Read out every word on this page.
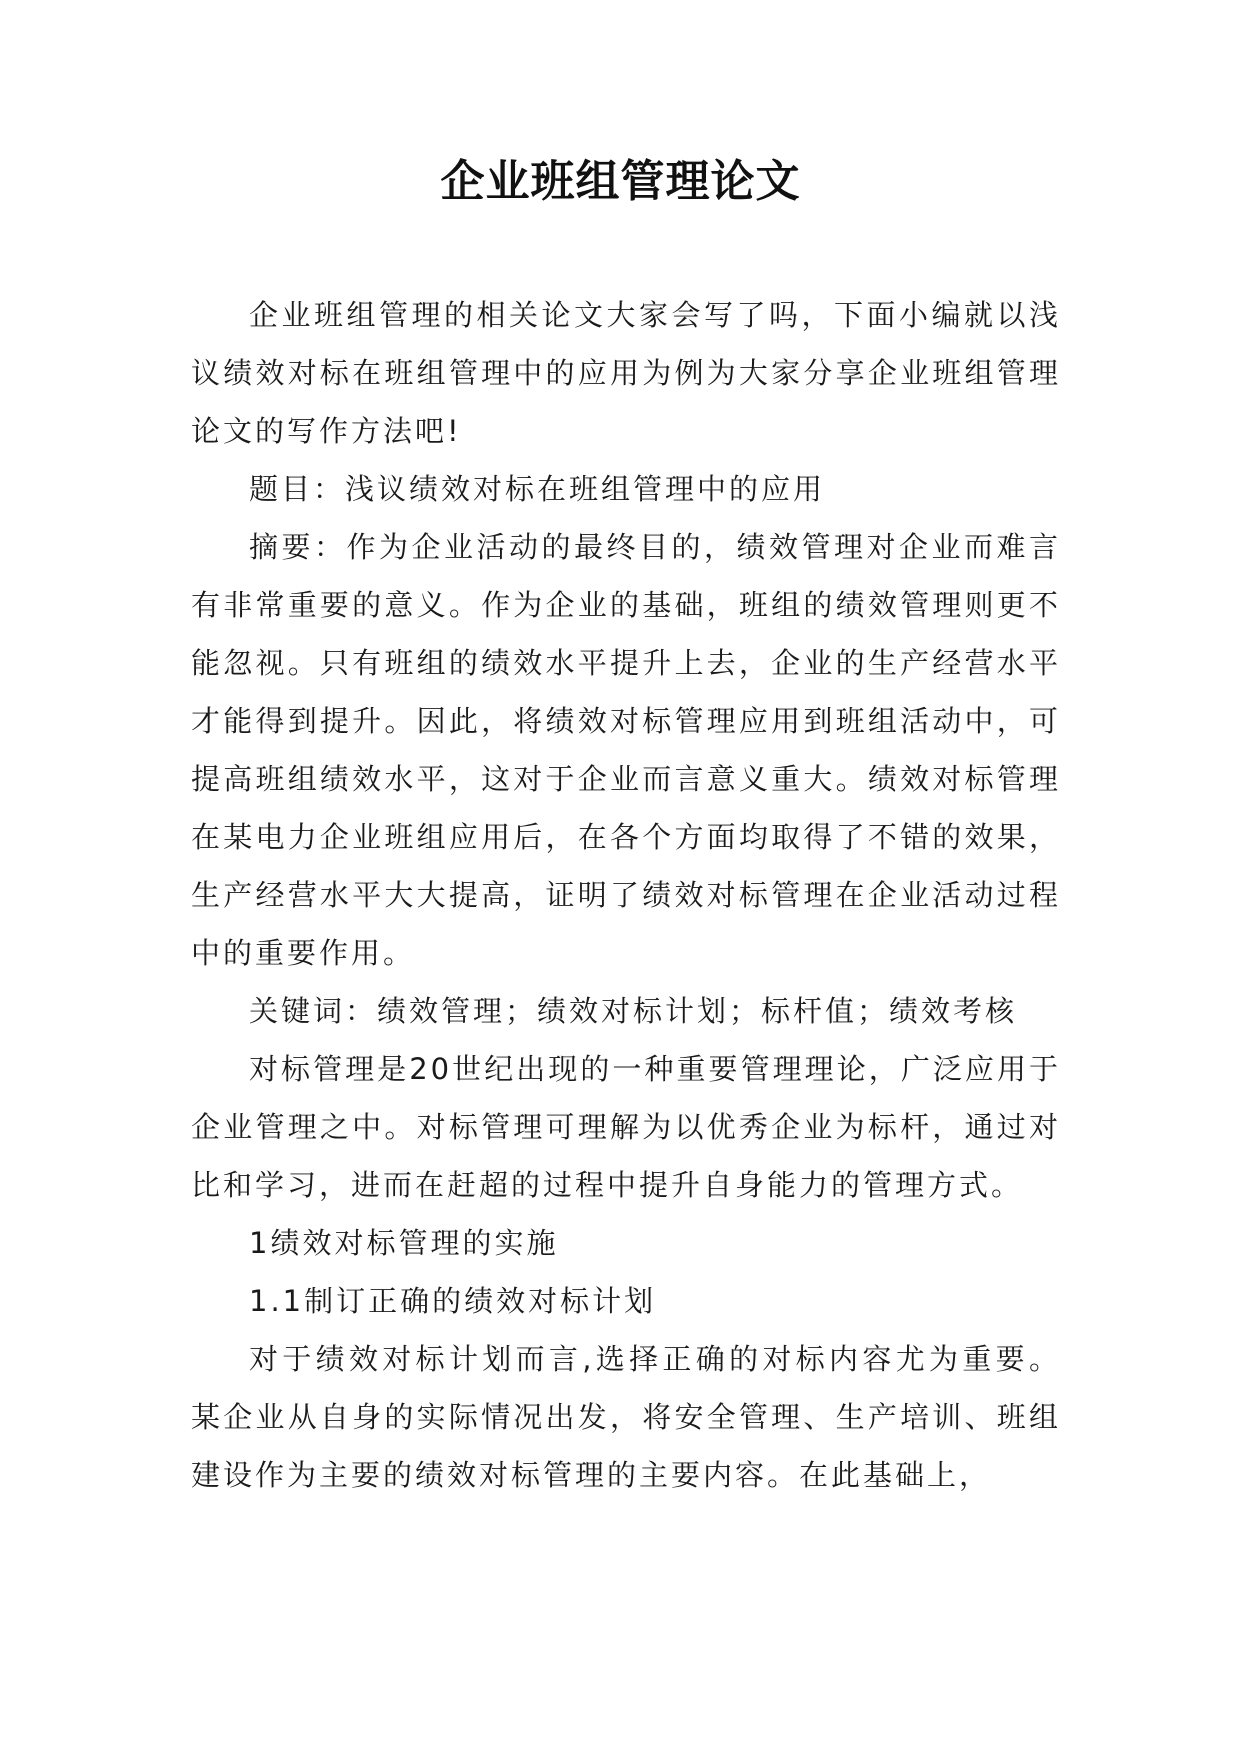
企业班组管理论文

企业班组管理的相关论文大家会写了吗，下面小编就以浅议绩效对标在班组管理中的应用为例为大家分享企业班组管理论文的写作方法吧!

题目：浅议绩效对标在班组管理中的应用

摘要：作为企业活动的最终目的，绩效管理对企业而难言有非常重要的意义。作为企业的基础，班组的绩效管理则更不能忽视。只有班组的绩效水平提升上去，企业的生产经营水平才能得到提升。因此，将绩效对标管理应用到班组活动中，可提高班组绩效水平，这对于企业而言意义重大。绩效对标管理在某电力企业班组应用后，在各个方面均取得了不错的效果，生产经营水平大大提高，证明了绩效对标管理在企业活动过程中的重要作用。

关键词：绩效管理；绩效对标计划；标杆值；绩效考核

对标管理是20世纪出现的一种重要管理理论，广泛应用于企业管理之中。对标管理可理解为以优秀企业为标杆，通过对比和学习，进而在赶超的过程中提升自身能力的管理方式。

1绩效对标管理的实施

1.1制订正确的绩效对标计划

对于绩效对标计划而言,选择正确的对标内容尤为重要。某企业从自身的实际情况出发，将安全管理、生产培训、班组建设作为主要的绩效对标管理的主要内容。在此基础上，
